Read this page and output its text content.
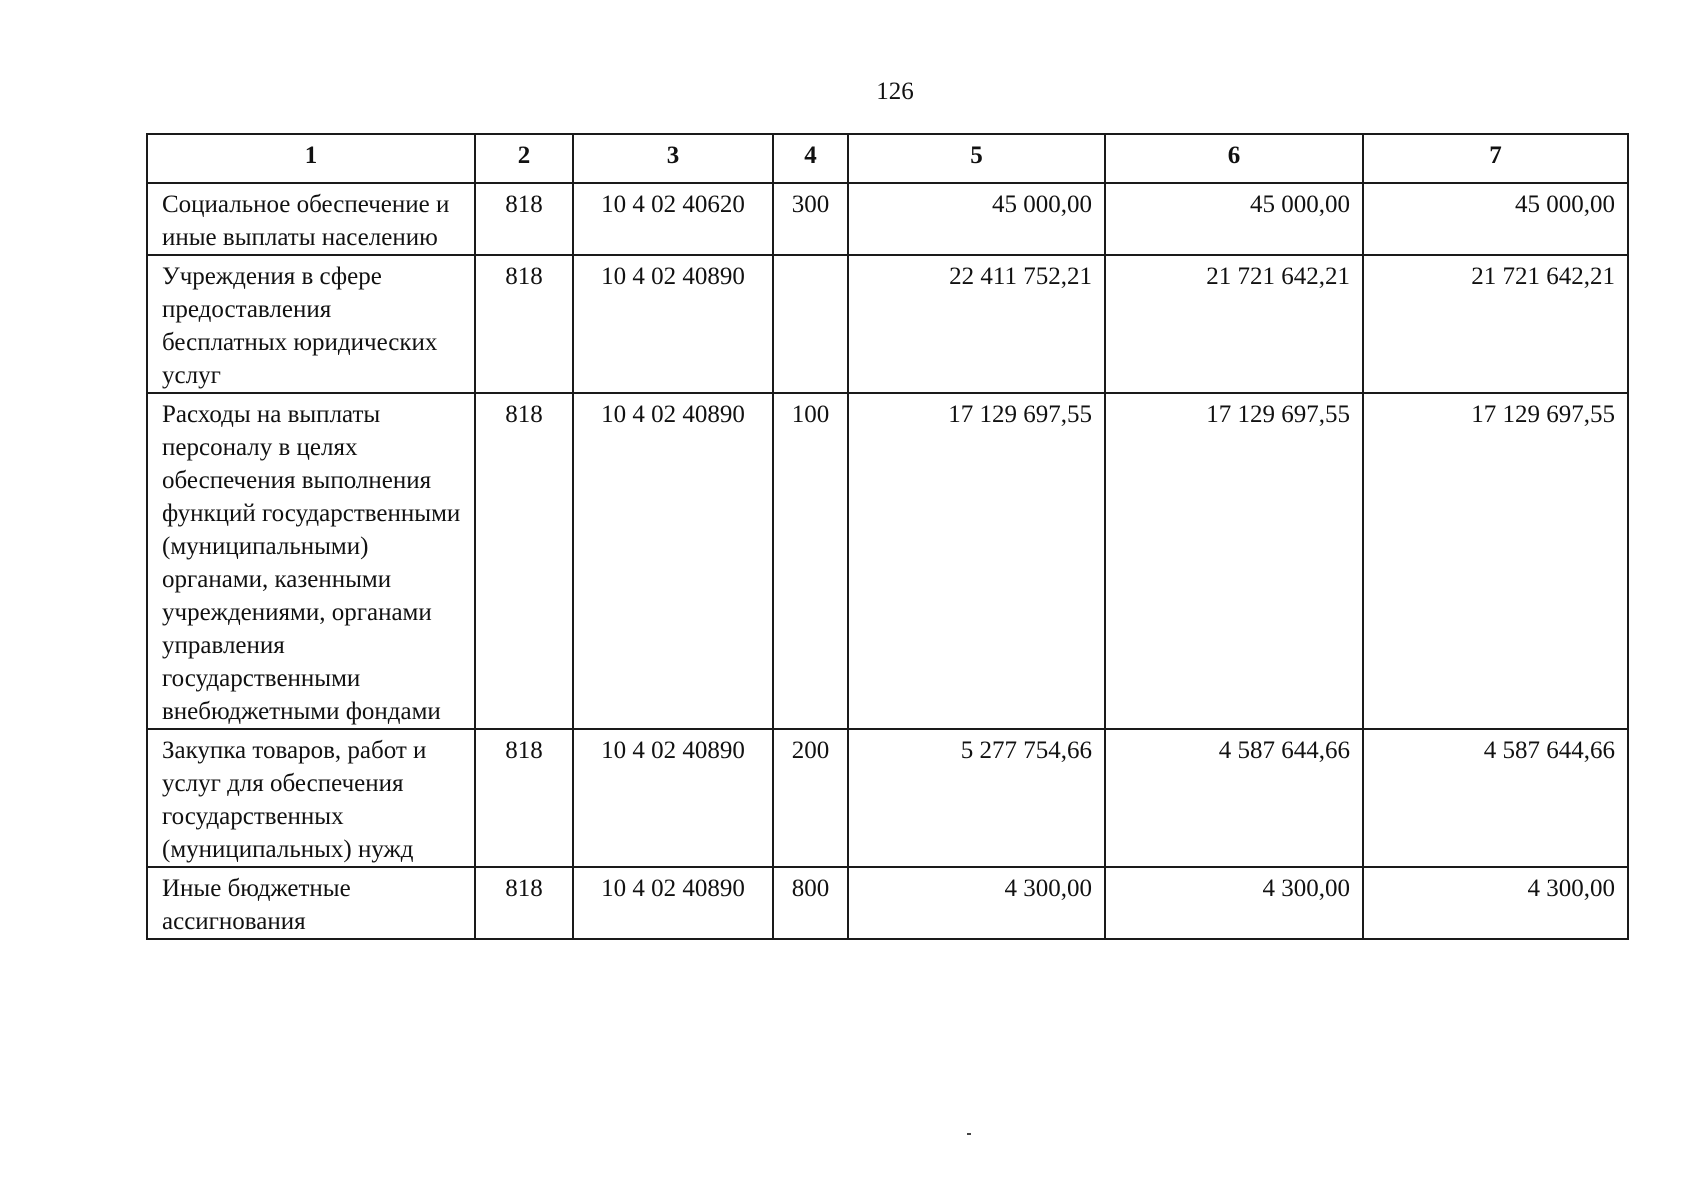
126
1	2	3	4	5	6	7
Социальное обеспечение и иные выплаты населению	818	10 4 02 40620	300	45 000,00	45 000,00	45 000,00
Учреждения в сфере предоставления бесплатных юридических услуг	818	10 4 02 40890		22 411 752,21	21 721 642,21	21 721 642,21
Расходы на выплаты персоналу в целях обеспечения выполнения функций государственными (муниципальными) органами, казенными учреждениями, органами управления государственными внебюджетными фондами	818	10 4 02 40890	100	17 129 697,55	17 129 697,55	17 129 697,55
Закупка товаров, работ и услуг для обеспечения государственных (муниципальных) нужд	818	10 4 02 40890	200	5 277 754,66	4 587 644,66	4 587 644,66
Иные бюджетные ассигнования	818	10 4 02 40890	800	4 300,00	4 300,00	4 300,00
